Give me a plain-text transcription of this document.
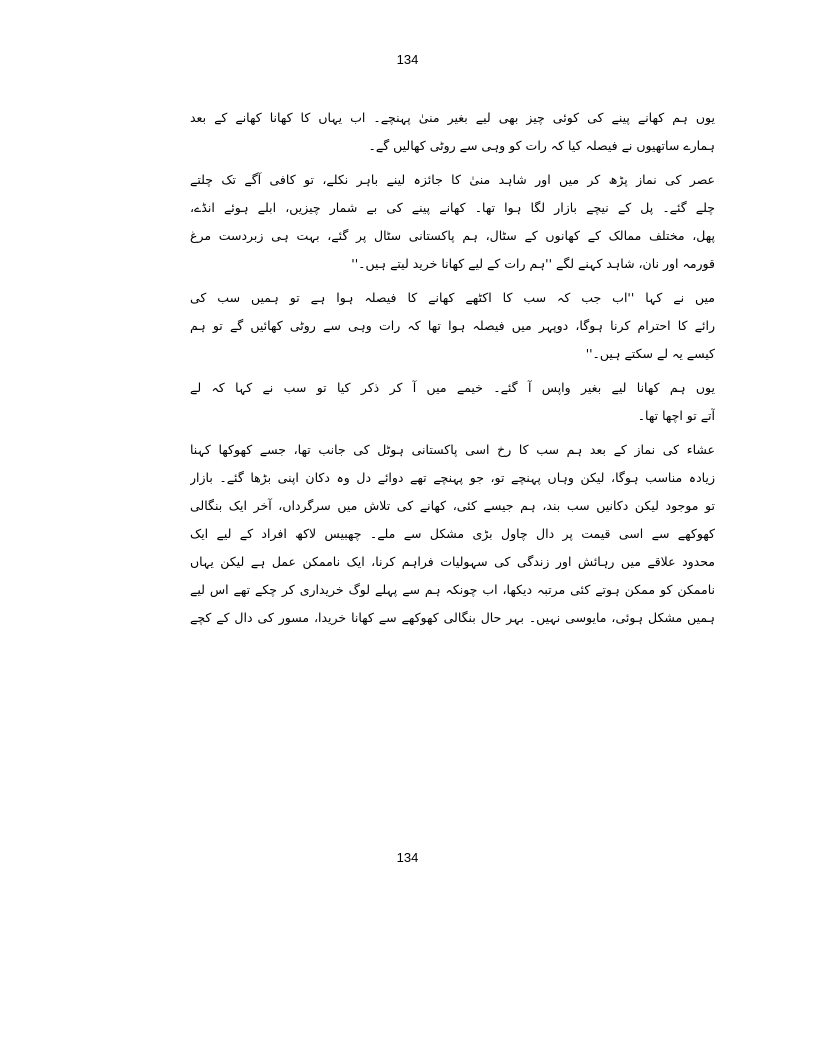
134
یوں ہم کھانے پینے کی کوئی چیز بھی لیے بغیر منیٰ پہنچے۔ اب یہاں کا کھانا کھانے کے بعد
ہمارے ساتھیوں نے فیصلہ کیا کہ رات کو وہی سے روٹی کھالیں گے۔
عصر کی نماز پڑھ کر میں اور شاہد منیٰ کا جائزہ لینے باہر نکلے، تو کافی آگے تک چلتے
چلے گئے۔ پل کے نیچے بازار لگا ہوا تھا۔ کھانے پینے کی بے شمار چیزیں، ابلے ہوئے انڈے،
پھل، مختلف ممالک کے کھانوں کے سٹال، ہم پاکستانی سٹال پر گئے، بہت ہی زبردست مرغ
قورمہ اور نان، شاہد کہنے لگے ''ہم رات کے لیے کھانا خرید لیتے ہیں۔''
میں نے کہا ''اب جب کہ سب کا اکٹھے کھانے کا فیصلہ ہوا ہے تو ہمیں سب کی
رائے کا احترام کرنا ہوگا، دوپہر میں فیصلہ ہوا تھا کہ رات وہی سے روٹی کھائیں گے تو ہم
کیسے یہ لے سکتے ہیں۔''
یوں ہم کھانا لیے بغیر واپس آ گئے۔ خیمے میں آ کر ذکر کیا تو سب نے کہا کہ لے
آتے تو اچھا تھا۔
عشاء کی نماز کے بعد ہم سب کا رخ اسی پاکستانی ہوٹل کی جانب تھا، جسے کھوکھا کہنا
زیادہ مناسب ہوگا، لیکن وہاں پہنچے تو، جو پہنچے تھے دوائے دل وہ دکان اپنی بڑھا گئے۔ بازار
تو موجود لیکن دکانیں سب بند، ہم جیسے کئی، کھانے کی تلاش میں سرگرداں، آخر ایک بنگالی
کھوکھے سے اسی قیمت پر دال چاول بڑی مشکل سے ملے۔ چھبیس لاکھ افراد کے لیے ایک
محدود علاقے میں رہائش اور زندگی کی سہولیات فراہم کرنا، ایک ناممکن عمل ہے لیکن یہاں
ناممکن کو ممکن ہوتے کئی مرتبہ دیکھا، اب چونکہ ہم سے پہلے لوگ خریداری کر چکے تھے اس لیے
ہمیں مشکل ہوئی، مایوسی نہیں۔ بہر حال بنگالی کھوکھے سے کھانا خریدا، مسور کی دال کے کچے
134
